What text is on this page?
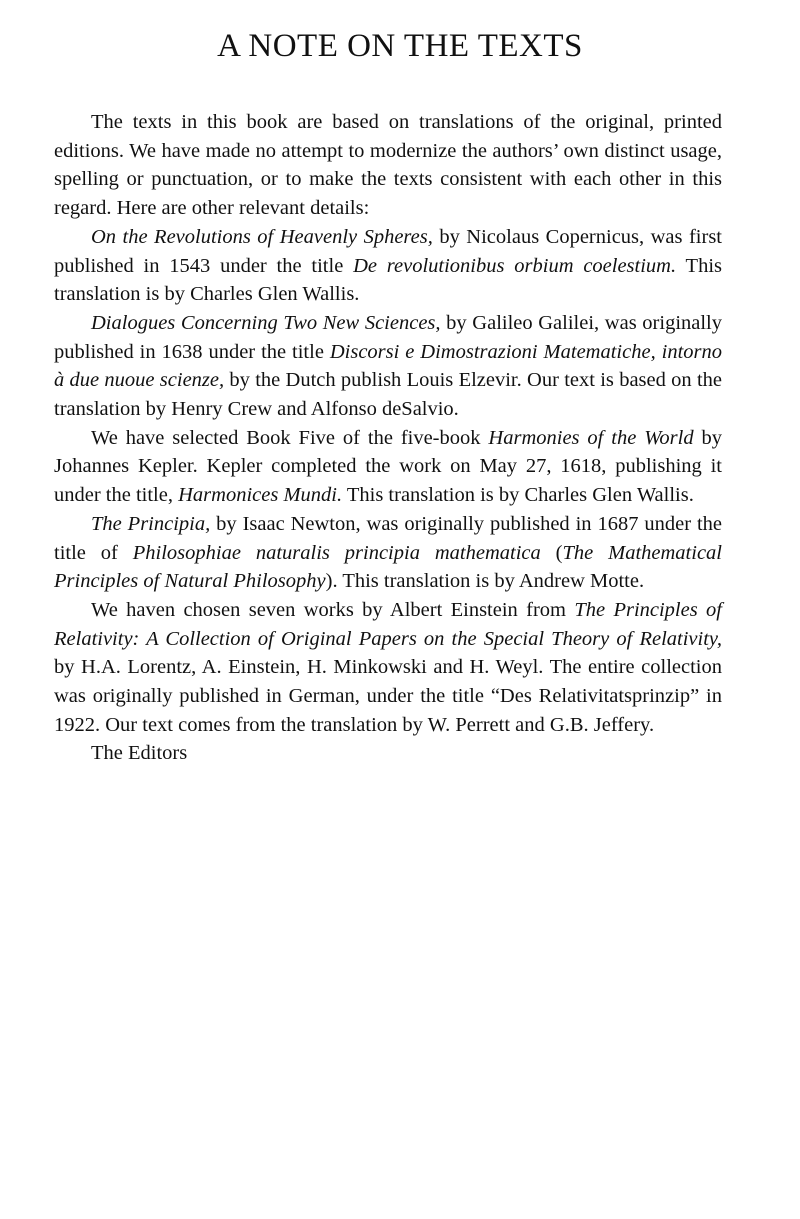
A NOTE ON THE TEXTS

The texts in this book are based on translations of the original, printed editions. We have made no attempt to modernize the authors’ own distinct usage, spelling or punctuation, or to make the texts consistent with each other in this regard. Here are other relevant details:

On the Revolutions of Heavenly Spheres, by Nicolaus Copernicus, was first published in 1543 under the title De revolutionibus orbium coelestium. This translation is by Charles Glen Wallis.

Dialogues Concerning Two New Sciences, by Galileo Galilei, was originally published in 1638 under the title Discorsi e Dimostrazioni Matematiche, intorno à due nuoue scienze, by the Dutch publish Louis Elzevir. Our text is based on the translation by Henry Crew and Alfonso deSalvio.

We have selected Book Five of the five-book Harmonies of the World by Johannes Kepler. Kepler completed the work on May 27, 1618, publishing it under the title, Harmonices Mundi. This translation is by Charles Glen Wallis.

The Principia, by Isaac Newton, was originally published in 1687 under the title of Philosophiae naturalis principia mathematica (The Mathematical Principles of Natural Philosophy). This translation is by Andrew Motte.

We haven chosen seven works by Albert Einstein from The Principles of Relativity: A Collection of Original Papers on the Special Theory of Relativity, by H.A. Lorentz, A. Einstein, H. Minkowski and H. Weyl. The entire collection was originally published in German, under the title “Des Relativitatsprinzip” in 1922. Our text comes from the translation by W. Perrett and G.B. Jeffery.

The Editors
